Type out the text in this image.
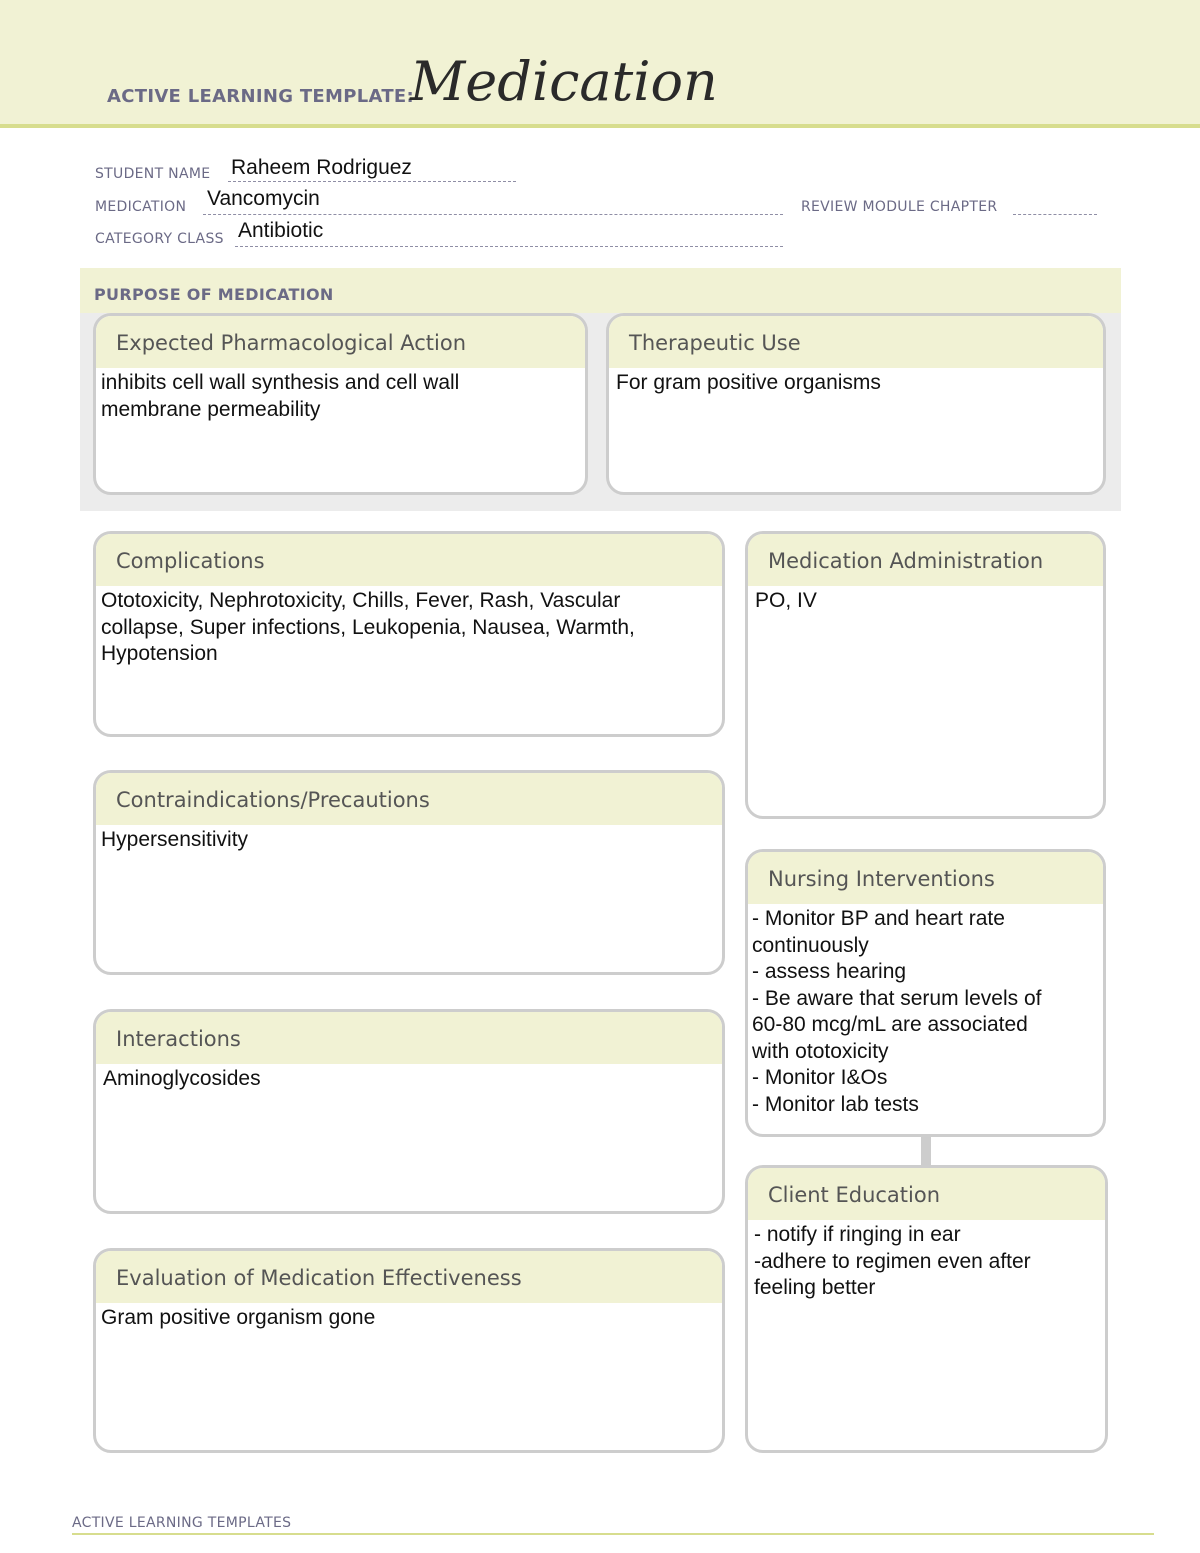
ACTIVE LEARNING TEMPLATE:
Medication
STUDENT NAME Raheem Rodriguez
MEDICATION Vancomycin	REVIEW MODULE CHAPTER
CATEGORY CLASS Antibiotic
PURPOSE OF MEDICATION
Expected Pharmacological Action
inhibits cell wall synthesis and cell wall
membrane permeability
Therapeutic Use
For gram positive organisms
Complications
Ototoxicity, Nephrotoxicity, Chills, Fever, Rash, Vascular
collapse, Super infections, Leukopenia, Nausea, Warmth,
Hypotension
Contraindications/Precautions
Hypersensitivity
Interactions
Aminoglycosides
Evaluation of Medication Effectiveness
Gram positive organism gone
Medication Administration
PO, IV
Nursing Interventions
- Monitor BP and heart rate
continuously
- assess hearing
- Be aware that serum levels of
60-80 mcg/mL are associated
with ototoxicity
- Monitor I&Os
- Monitor lab tests
Client Education
- notify if ringing in ear
-adhere to regimen even after
feeling better
ACTIVE LEARNING TEMPLATES
